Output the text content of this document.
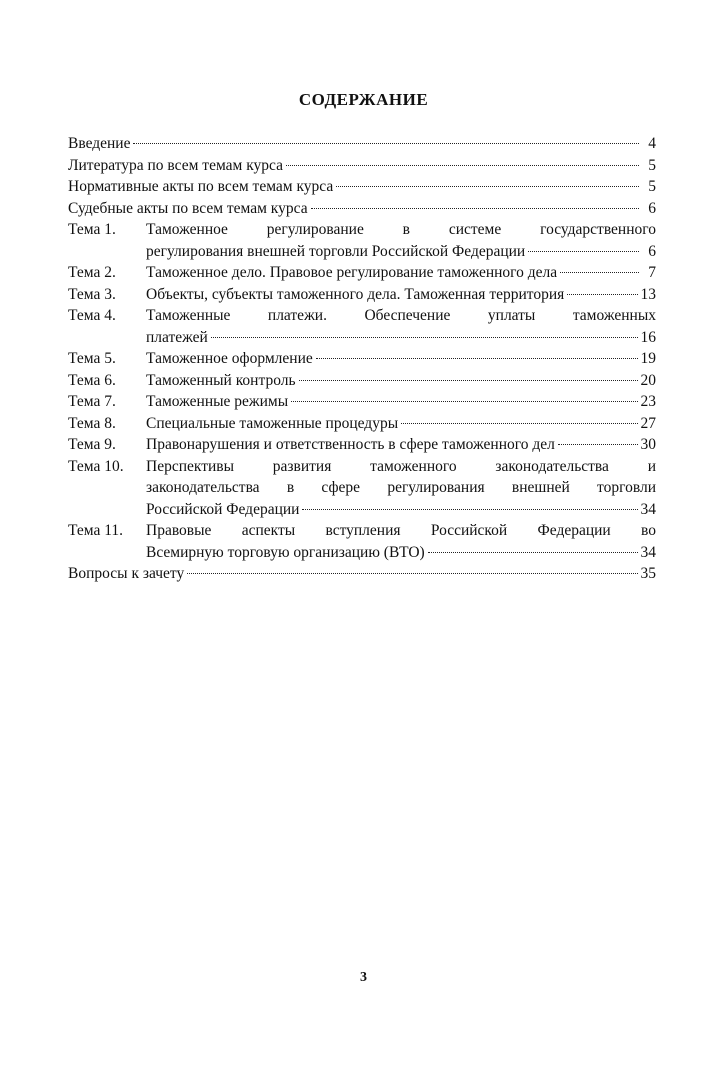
СОДЕРЖАНИЕ
Введение	4
Литература по всем темам курса	5
Нормативные акты по всем темам курса	5
Судебные акты по всем темам курса	6
Тема 1.	Таможенное регулирование в системе государственного
регулирования внешней торговли Российской Федерации	6
Тема 2.	Таможенное дело. Правовое регулирование таможенного дела	7
Тема 3.	Объекты, субъекты таможенного дела. Таможенная территория	13
Тема 4.	Таможенные платежи. Обеспечение уплаты таможенных
платежей	16
Тема 5.	Таможенное оформление	19
Тема 6.	Таможенный контроль	20
Тема 7.	Таможенные режимы	23
Тема 8.	Специальные таможенные процедуры	27
Тема 9.	Правонарушения и ответственность в сфере таможенного дел	30
Тема 10.	Перспективы развития таможенного законодательства и
законодательства в сфере регулирования внешней торговли
Российской Федерации	34
Тема 11.	Правовые аспекты вступления Российской Федерации во
Всемирную торговую организацию (ВТО)	34
Вопросы к зачету	35
3
